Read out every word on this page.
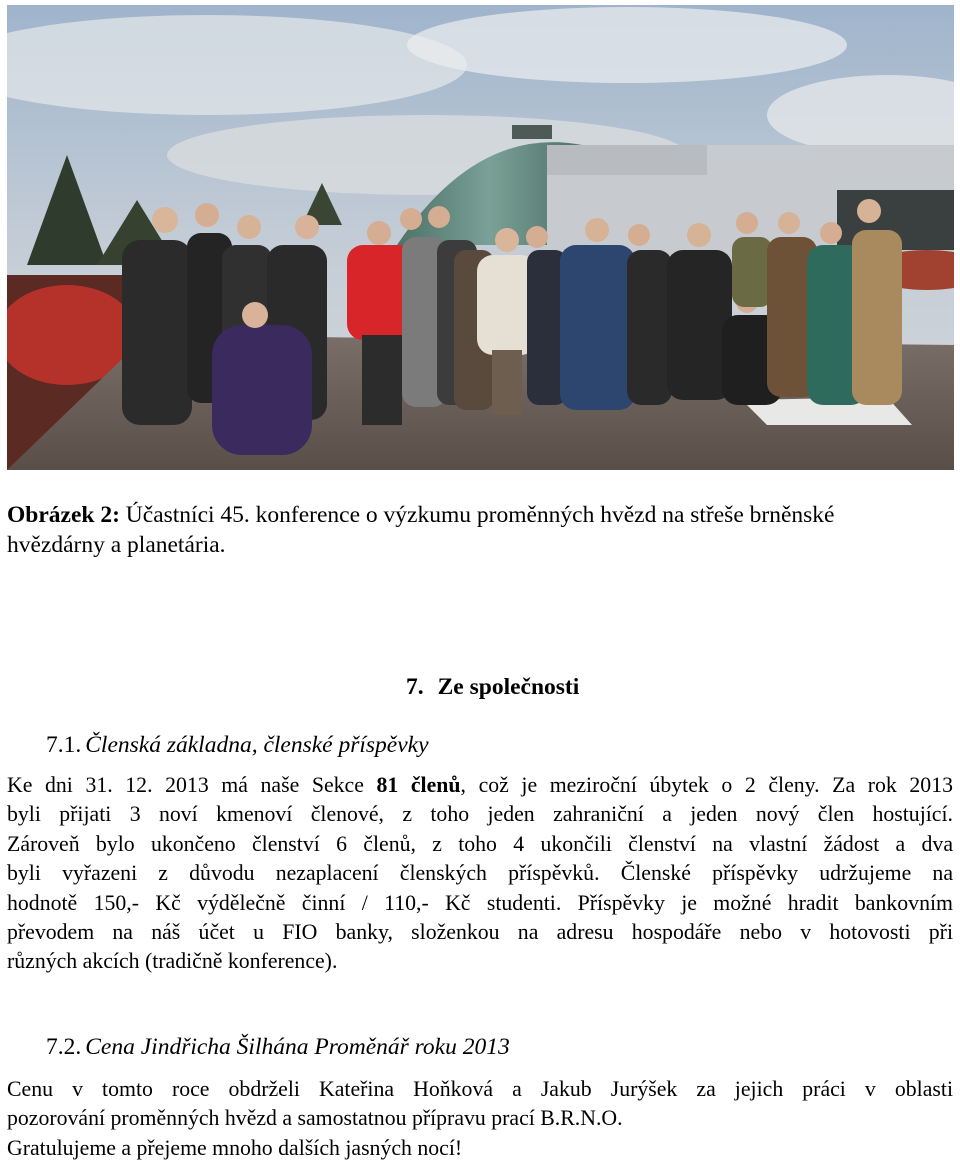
Obrázek 2: Účastníci 45. konference o výzkumu proměnných hvězd na střeše brněnské
hvězdárny a planetária.
7. Ze společnosti
7.1. Členská základna, členské příspěvky
Ke dni 31. 12. 2013 má naše Sekce 81 členů, což je meziroční úbytek o 2 členy. Za rok 2013
byli přijati 3 noví kmenoví členové, z toho jeden zahraniční a jeden nový člen hostující.
Zároveň bylo ukončeno členství 6 členů, z toho 4 ukončili členství na vlastní žádost a dva
byli vyřazeni z důvodu nezaplacení členských příspěvků. Členské příspěvky udržujeme na
hodnotě 150,- Kč výdělečně činní / 110,- Kč studenti. Příspěvky je možné hradit bankovním
převodem na náš účet u FIO banky, složenkou na adresu hospodáře nebo v hotovosti při
různých akcích (tradičně konference).
7.2. Cena Jindřicha Šilhána Proměnář roku 2013
Cenu v tomto roce obdrželi Kateřina Hoňková a Jakub Jurýšek za jejich práci v oblasti
pozorování proměnných hvězd a samostatnou přípravu prací B.R.N.O.
Gratulujeme a přejeme mnoho dalších jasných nocí!
